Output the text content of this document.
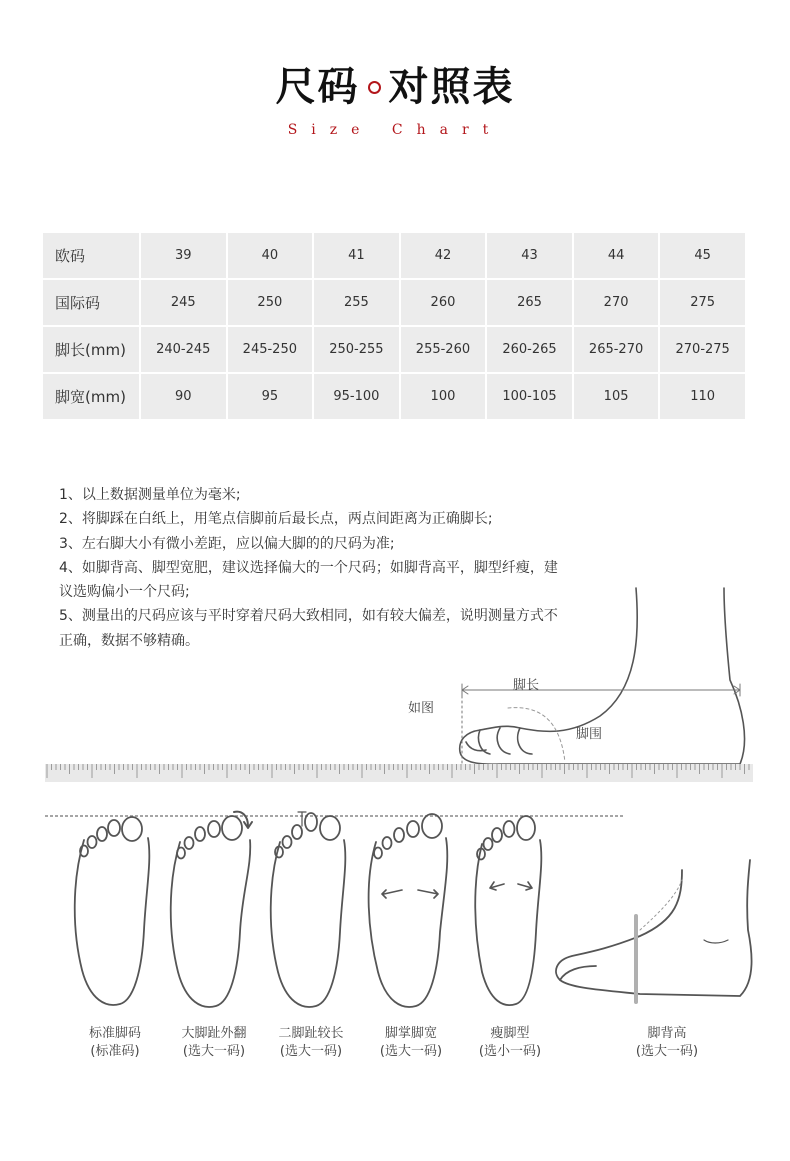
尺码 对照表
Size Chart
欧码	39	40	41	42	43	44	45
国际码	245	250	255	260	265	270	275
脚长(mm)	240-245	245-250	250-255	255-260	260-265	265-270	270-275
脚宽(mm)	90	95	95-100	100	100-105	105	110

1、以上数据测量单位为毫米;

2、将脚踩在白纸上，用笔点信脚前后最长点，两点间距离为正确脚长;

3、左右脚大小有微小差距，应以偏大脚的的尺码为准;

4、如脚背高、脚型宽肥，建议选择偏大的一个尺码；如脚背高平，脚型纤瘦，建议选购偏小一个尺码;

5、测量出的尺码应该与平时穿着尺码大致相同，如有较大偏差，说明测量方式不正确，数据不够精确。

如图
脚长
脚围
标准脚码
(标准码)
大脚趾外翻
(选大一码)
二脚趾较长
(选大一码)
脚掌脚宽
(选大一码)
瘦脚型
(选小一码)
脚背高
(选大一码)
